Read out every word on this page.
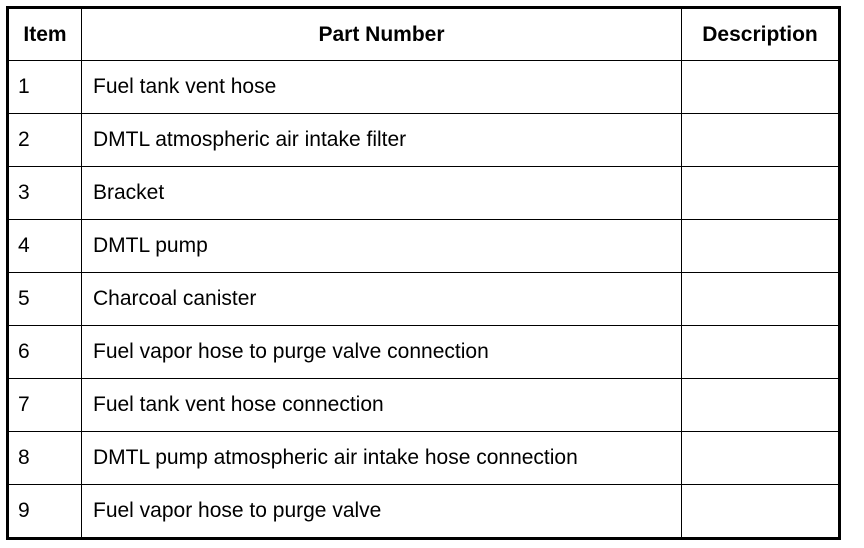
Item	Part Number	Description
1	Fuel tank vent hose	
2	DMTL atmospheric air intake filter	
3	Bracket	
4	DMTL pump	
5	Charcoal canister	
6	Fuel vapor hose to purge valve connection	
7	Fuel tank vent hose connection	
8	DMTL pump atmospheric air intake hose connection	
9	Fuel vapor hose to purge valve	
